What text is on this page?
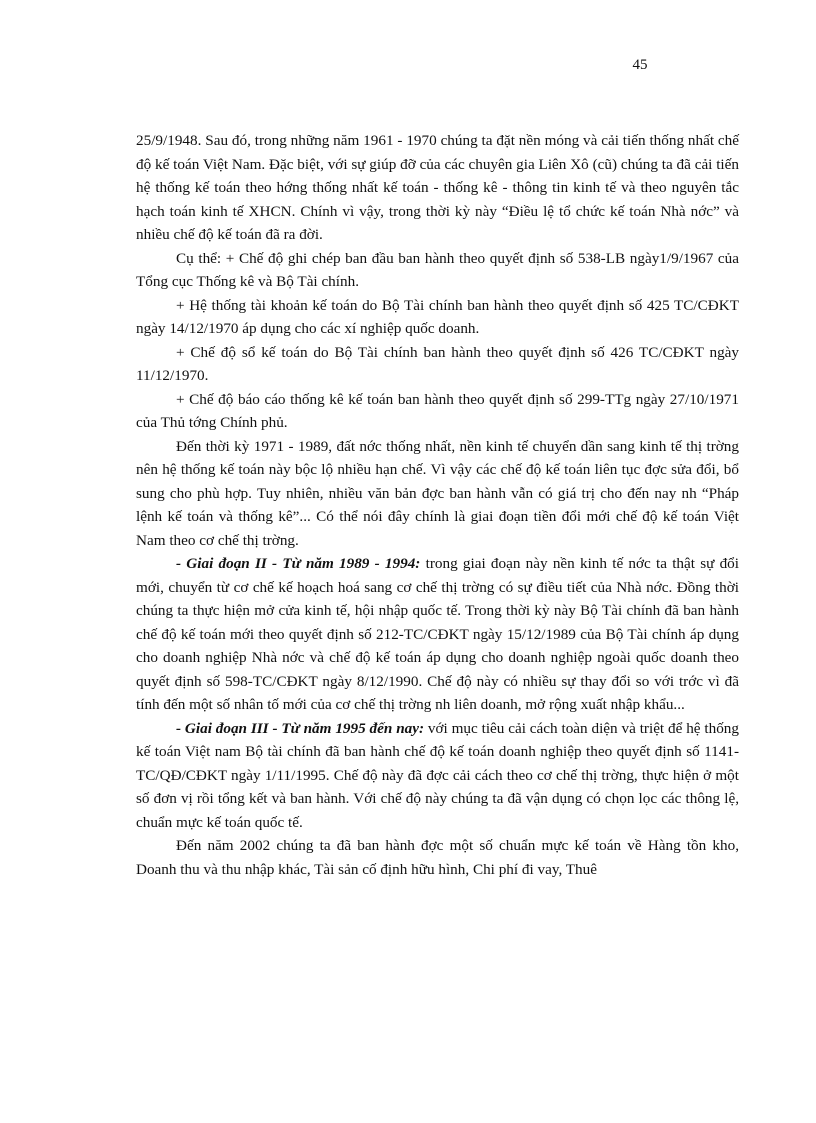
45

25/9/1948. Sau đó, trong những năm 1961 - 1970 chúng ta đặt nền móng và cải tiến thống nhất chế độ kế toán Việt Nam. Đặc biệt, với sự giúp đỡ của các chuyên gia Liên Xô (cũ) chúng ta đã cải tiến hệ thống kế toán theo hớng thống nhất kế toán - thống kê - thông tin kinh tế và theo nguyên tắc hạch toán kinh tế XHCN. Chính vì vậy, trong thời kỳ này “Điều lệ tổ chức kế toán Nhà nớc” và nhiều chế độ kế toán đã ra đời.

Cụ thể: + Chế độ ghi chép ban đầu ban hành theo quyết định số 538-LB ngày1/9/1967 của Tổng cục Thống kê và Bộ Tài chính.

+ Hệ thống tài khoản kế toán do Bộ Tài chính ban hành theo quyết định số 425 TC/CĐKT ngày 14/12/1970 áp dụng cho các xí nghiệp quốc doanh.

+ Chế độ sổ kế toán do Bộ Tài chính ban hành theo quyết định số 426 TC/CĐKT ngày 11/12/1970.

+ Chế độ báo cáo thống kê kế toán ban hành theo quyết định số 299-TTg ngày 27/10/1971 của Thủ tớng Chính phủ.

Đến thời kỳ 1971 - 1989, đất nớc thống nhất, nền kinh tế chuyển dần sang kinh tế thị trờng nên hệ thống kế toán này bộc lộ nhiều hạn chế. Vì vậy các chế độ kế toán liên tục đợc sửa đổi, bổ sung cho phù hợp. Tuy nhiên, nhiều văn bản đợc ban hành vẫn có giá trị cho đến nay nh “Pháp lệnh kế toán và thống kê”... Có thể nói đây chính là giai đoạn tiền đổi mới chế độ kế toán Việt Nam theo cơ chế thị trờng.

- Giai đoạn II - Từ năm 1989 - 1994: trong giai đoạn này nền kinh tế nớc ta thật sự đổi mới, chuyển từ cơ chế kế hoạch hoá sang cơ chế thị trờng có sự điều tiết của Nhà nớc. Đồng thời chúng ta thực hiện mở cửa kinh tế, hội nhập quốc tế. Trong thời kỳ này Bộ Tài chính đã ban hành chế độ kế toán mới theo quyết định số 212-TC/CĐKT ngày 15/12/1989 của Bộ Tài chính áp dụng cho doanh nghiệp Nhà nớc và chế độ kế toán áp dụng cho doanh nghiệp ngoài quốc doanh theo quyết định số 598-TC/CĐKT ngày 8/12/1990. Chế độ này có nhiều sự thay đổi so với trớc vì đã tính đến một số nhân tố mới của cơ chế thị trờng nh liên doanh, mở rộng xuất nhập khẩu...

- Giai đoạn III - Từ năm 1995 đến nay: với mục tiêu cải cách toàn diện và triệt để hệ thống kế toán Việt nam Bộ tài chính đã ban hành chế độ kế toán doanh nghiệp theo quyết định số 1141-TC/QĐ/CĐKT ngày 1/11/1995. Chế độ này đã đợc cải cách theo cơ chế thị trờng, thực hiện ở một số đơn vị rồi tổng kết và ban hành. Với chế độ này chúng ta đã vận dụng có chọn lọc các thông lệ, chuẩn mực kế toán quốc tế.

Đến năm 2002 chúng ta đã ban hành đợc một số chuẩn mực kế toán về Hàng tồn kho, Doanh thu và thu nhập khác, Tài sản cố định hữu hình, Chi phí đi vay, Thuê
